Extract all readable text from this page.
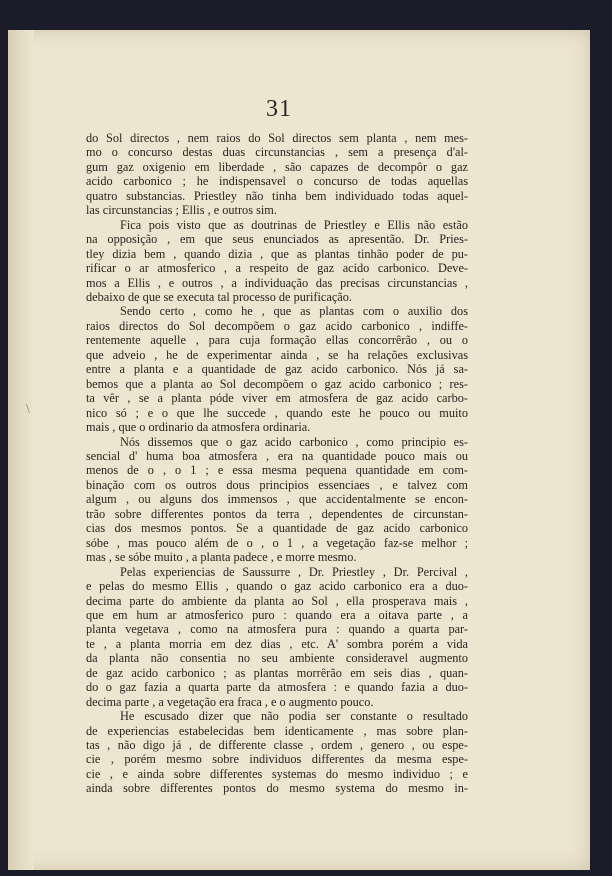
31
\
do Sol directos , nem raios do Sol directos sem planta , nem mes-
mo o concurso destas duas circunstancias , sem a presença d'al-
gum gaz oxigenio em liberdade , são capazes de decompôr o gaz
acido carbonico ; he indispensavel o concurso de todas aquellas
quatro substancias. Priestley não tinha bem individuado todas aquel-
las circunstancias ; Ellis , e outros sim.
Fica pois visto que as doutrinas de Priestley e Ellis não estão
na opposição , em que seus enunciados as apresentão. Dr. Pries-
tley dizia bem , quando dizia , que as plantas tinhão poder de pu-
rificar o ar atmosferico , a respeito de gaz acido carbonico. Deve-
mos a Ellis , e outros , a individuação das precisas circunstancias ,
debaixo de que se executa tal processo de purificação.
Sendo certo , como he , que as plantas com o auxilio dos
raios directos do Sol decompõem o gaz acido carbonico , indiffe-
rentemente aquelle , para cuja formação ellas concorrêrão , ou o
que adveio , he de experimentar ainda , se ha relações exclusivas
entre a planta e a quantidade de gaz acido carbonico. Nós já sa-
bemos que a planta ao Sol decompõem o gaz acido carbonico ; res-
ta vêr , se a planta póde viver em atmosfera de gaz acido carbo-
nico só ; e o que lhe succede , quando este he pouco ou muito
mais , que o ordinario da atmosfera ordinaria.
Nós dissemos que o gaz acido carbonico , como principio es-
sencial d' huma boa atmosfera , era na quantidade pouco mais ou
menos de o , o 1 ; e essa mesma pequena quantidade em com-
binação com os outros dous principios essenciaes , e talvez com
algum , ou alguns dos immensos , que accidentalmente se encon-
trão sobre differentes pontos da terra , dependentes de circunstan-
cias dos mesmos pontos. Se a quantidade de gaz acido carbonico
sóbe , mas pouco além de o , o 1 , a vegetação faz-se melhor ;
mas , se sóbe muito , a planta padece , e morre mesmo.
Pelas experiencias de Saussurre , Dr. Priestley , Dr. Percival ,
e pelas do mesmo Ellis , quando o gaz acido carbonico era a duo-
decima parte do ambiente da planta ao Sol , ella prosperava mais ,
que em hum ar atmosferico puro : quando era a oitava parte , a
planta vegetava , como na atmosfera pura : quando a quarta par-
te , a planta morria em dez dias , etc. A' sombra porém a vida
da planta não consentia no seu ambiente consideravel augmento
de gaz acido carbonico ; as plantas morrêrão em seis dias , quan-
do o gaz fazia a quarta parte da atmosfera : e quando fazia a duo-
decima parte , a vegetação era fraca , e o augmento pouco.
He escusado dizer que não podia ser constante o resultado
de experiencias estabelecidas bem identicamente , mas sobre plan-
tas , não digo já , de differente classe , ordem , genero , ou espe-
cie , porém mesmo sobre individuos differentes da mesma espe-
cie , e ainda sobre differentes systemas do mesmo individuo ; e
ainda sobre differentes pontos do mesmo systema do mesmo in-
